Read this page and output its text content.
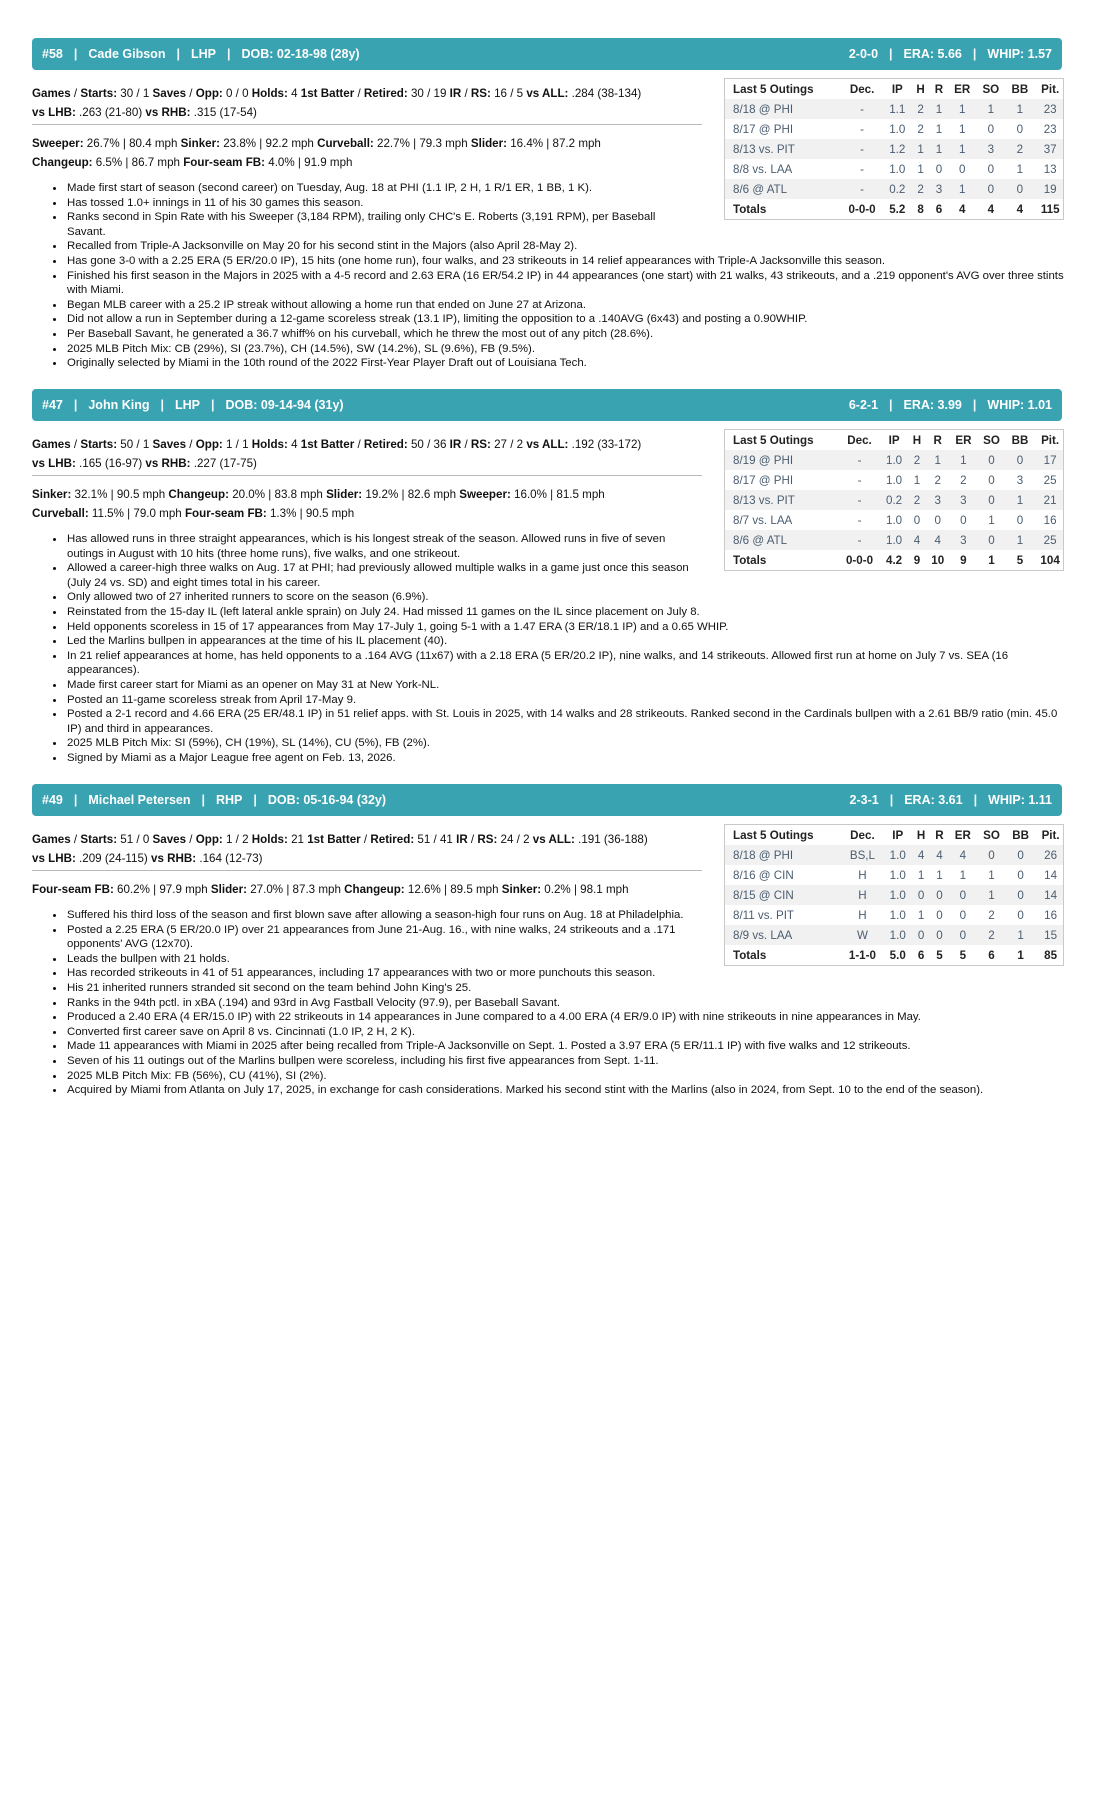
#58 | Cade Gibson | LHP | DOB: 02-18-98 (28y)	2-0-0 | ERA: 5.66 | WHIP: 1.57
Games / Starts: 30 / 1 Saves / Opp: 0 / 0 Holds: 4 1st Batter / Retired: 30 / 19 IR / RS: 16 / 5 vs ALL: .284 (38-134)
vs LHB: .263 (21-80) vs RHB: .315 (17-54)
Sweeper: 26.7% | 80.4 mph Sinker: 23.8% | 92.2 mph Curveball: 22.7% | 79.3 mph Slider: 16.4% | 87.2 mph
Changeup: 6.5% | 86.7 mph Four-seam FB: 4.0% | 91.9 mph
Last 5 Outings	Dec.	IP	H	R	ER	SO	BB	Pit.
8/18 @ PHI	-	1.1	2	1	1	1	1	23
8/17 @ PHI	-	1.0	2	1	1	0	0	23
8/13 vs. PIT	-	1.2	1	1	1	3	2	37
8/8 vs. LAA	-	1.0	1	0	0	0	1	13
8/6 @ ATL	-	0.2	2	3	1	0	0	19
Totals	0-0-0	5.2	8	6	4	4	4	115
• Made first start of season (second career) on Tuesday, Aug. 18 at PHI (1.1 IP, 2 H, 1 R/1 ER, 1 BB, 1 K).
• Has tossed 1.0+ innings in 11 of his 30 games this season.
• Ranks second in Spin Rate with his Sweeper (3,184 RPM), trailing only CHC's E. Roberts (3,191 RPM), per Baseball Savant.
• Recalled from Triple-A Jacksonville on May 20 for his second stint in the Majors (also April 28-May 2).
• Has gone 3-0 with a 2.25 ERA (5 ER/20.0 IP), 15 hits (one home run), four walks, and 23 strikeouts in 14 relief appearances with Triple-A Jacksonville this season.
• Finished his first season in the Majors in 2025 with a 4-5 record and 2.63 ERA (16 ER/54.2 IP) in 44 appearances (one start) with 21 walks, 43 strikeouts, and a .219 opponent's AVG over three stints with Miami.
• Began MLB career with a 25.2 IP streak without allowing a home run that ended on June 27 at Arizona.
• Did not allow a run in September during a 12-game scoreless streak (13.1 IP), limiting the opposition to a .140AVG (6x43) and posting a 0.90WHIP.
• Per Baseball Savant, he generated a 36.7 whiff% on his curveball, which he threw the most out of any pitch (28.6%).
• 2025 MLB Pitch Mix: CB (29%), SI (23.7%), CH (14.5%), SW (14.2%), SL (9.6%), FB (9.5%).
• Originally selected by Miami in the 10th round of the 2022 First-Year Player Draft out of Louisiana Tech.
#47 | John King | LHP | DOB: 09-14-94 (31y)	6-2-1 | ERA: 3.99 | WHIP: 1.01
Games / Starts: 50 / 1 Saves / Opp: 1 / 1 Holds: 4 1st Batter / Retired: 50 / 36 IR / RS: 27 / 2 vs ALL: .192 (33-172)
vs LHB: .165 (16-97) vs RHB: .227 (17-75)
Sinker: 32.1% | 90.5 mph Changeup: 20.0% | 83.8 mph Slider: 19.2% | 82.6 mph Sweeper: 16.0% | 81.5 mph
Curveball: 11.5% | 79.0 mph Four-seam FB: 1.3% | 90.5 mph
Last 5 Outings	Dec.	IP	H	R	ER	SO	BB	Pit.
8/19 @ PHI	-	1.0	2	1	1	0	0	17
8/17 @ PHI	-	1.0	1	2	2	0	3	25
8/13 vs. PIT	-	0.2	2	3	3	0	1	21
8/7 vs. LAA	-	1.0	0	0	0	1	0	16
8/6 @ ATL	-	1.0	4	4	3	0	1	25
Totals	0-0-0	4.2	9	10	9	1	5	104
• Has allowed runs in three straight appearances, which is his longest streak of the season. Allowed runs in five of seven outings in August with 10 hits (three home runs), five walks, and one strikeout.
• Allowed a career-high three walks on Aug. 17 at PHI; had previously allowed multiple walks in a game just once this season (July 24 vs. SD) and eight times total in his career.
• Only allowed two of 27 inherited runners to score on the season (6.9%).
• Reinstated from the 15-day IL (left lateral ankle sprain) on July 24. Had missed 11 games on the IL since placement on July 8.
• Held opponents scoreless in 15 of 17 appearances from May 17-July 1, going 5-1 with a 1.47 ERA (3 ER/18.1 IP) and a 0.65 WHIP.
• Led the Marlins bullpen in appearances at the time of his IL placement (40).
• In 21 relief appearances at home, has held opponents to a .164 AVG (11x67) with a 2.18 ERA (5 ER/20.2 IP), nine walks, and 14 strikeouts. Allowed first run at home on July 7 vs. SEA (16 appearances).
• Made first career start for Miami as an opener on May 31 at New York-NL.
• Posted an 11-game scoreless streak from April 17-May 9.
• Posted a 2-1 record and 4.66 ERA (25 ER/48.1 IP) in 51 relief apps. with St. Louis in 2025, with 14 walks and 28 strikeouts. Ranked second in the Cardinals bullpen with a 2.61 BB/9 ratio (min. 45.0 IP) and third in appearances.
• 2025 MLB Pitch Mix: SI (59%), CH (19%), SL (14%), CU (5%), FB (2%).
• Signed by Miami as a Major League free agent on Feb. 13, 2026.
#49 | Michael Petersen | RHP | DOB: 05-16-94 (32y)	2-3-1 | ERA: 3.61 | WHIP: 1.11
Games / Starts: 51 / 0 Saves / Opp: 1 / 2 Holds: 21 1st Batter / Retired: 51 / 41 IR / RS: 24 / 2 vs ALL: .191 (36-188)
vs LHB: .209 (24-115) vs RHB: .164 (12-73)
Four-seam FB: 60.2% | 97.9 mph Slider: 27.0% | 87.3 mph Changeup: 12.6% | 89.5 mph Sinker: 0.2% | 98.1 mph
Last 5 Outings	Dec.	IP	H	R	ER	SO	BB	Pit.
8/18 @ PHI	BS,L	1.0	4	4	4	0	0	26
8/16 @ CIN	H	1.0	1	1	1	1	0	14
8/15 @ CIN	H	1.0	0	0	0	1	0	14
8/11 vs. PIT	H	1.0	1	0	0	2	0	16
8/9 vs. LAA	W	1.0	0	0	0	2	1	15
Totals	1-1-0	5.0	6	5	5	6	1	85
• Suffered his third loss of the season and first blown save after allowing a season-high four runs on Aug. 18 at Philadelphia.
• Posted a 2.25 ERA (5 ER/20.0 IP) over 21 appearances from June 21-Aug. 16., with nine walks, 24 strikeouts and a .171 opponents' AVG (12x70).
• Leads the bullpen with 21 holds.
• Has recorded strikeouts in 41 of 51 appearances, including 17 appearances with two or more punchouts this season.
• His 21 inherited runners stranded sit second on the team behind John King's 25.
• Ranks in the 94th pctl. in xBA (.194) and 93rd in Avg Fastball Velocity (97.9), per Baseball Savant.
• Produced a 2.40 ERA (4 ER/15.0 IP) with 22 strikeouts in 14 appearances in June compared to a 4.00 ERA (4 ER/9.0 IP) with nine strikeouts in nine appearances in May.
• Converted first career save on April 8 vs. Cincinnati (1.0 IP, 2 H, 2 K).
• Made 11 appearances with Miami in 2025 after being recalled from Triple-A Jacksonville on Sept. 1. Posted a 3.97 ERA (5 ER/11.1 IP) with five walks and 12 strikeouts.
• Seven of his 11 outings out of the Marlins bullpen were scoreless, including his first five appearances from Sept. 1-11.
• 2025 MLB Pitch Mix: FB (56%), CU (41%), SI (2%).
• Acquired by Miami from Atlanta on July 17, 2025, in exchange for cash considerations. Marked his second stint with the Marlins (also in 2024, from Sept. 10 to the end of the season).
